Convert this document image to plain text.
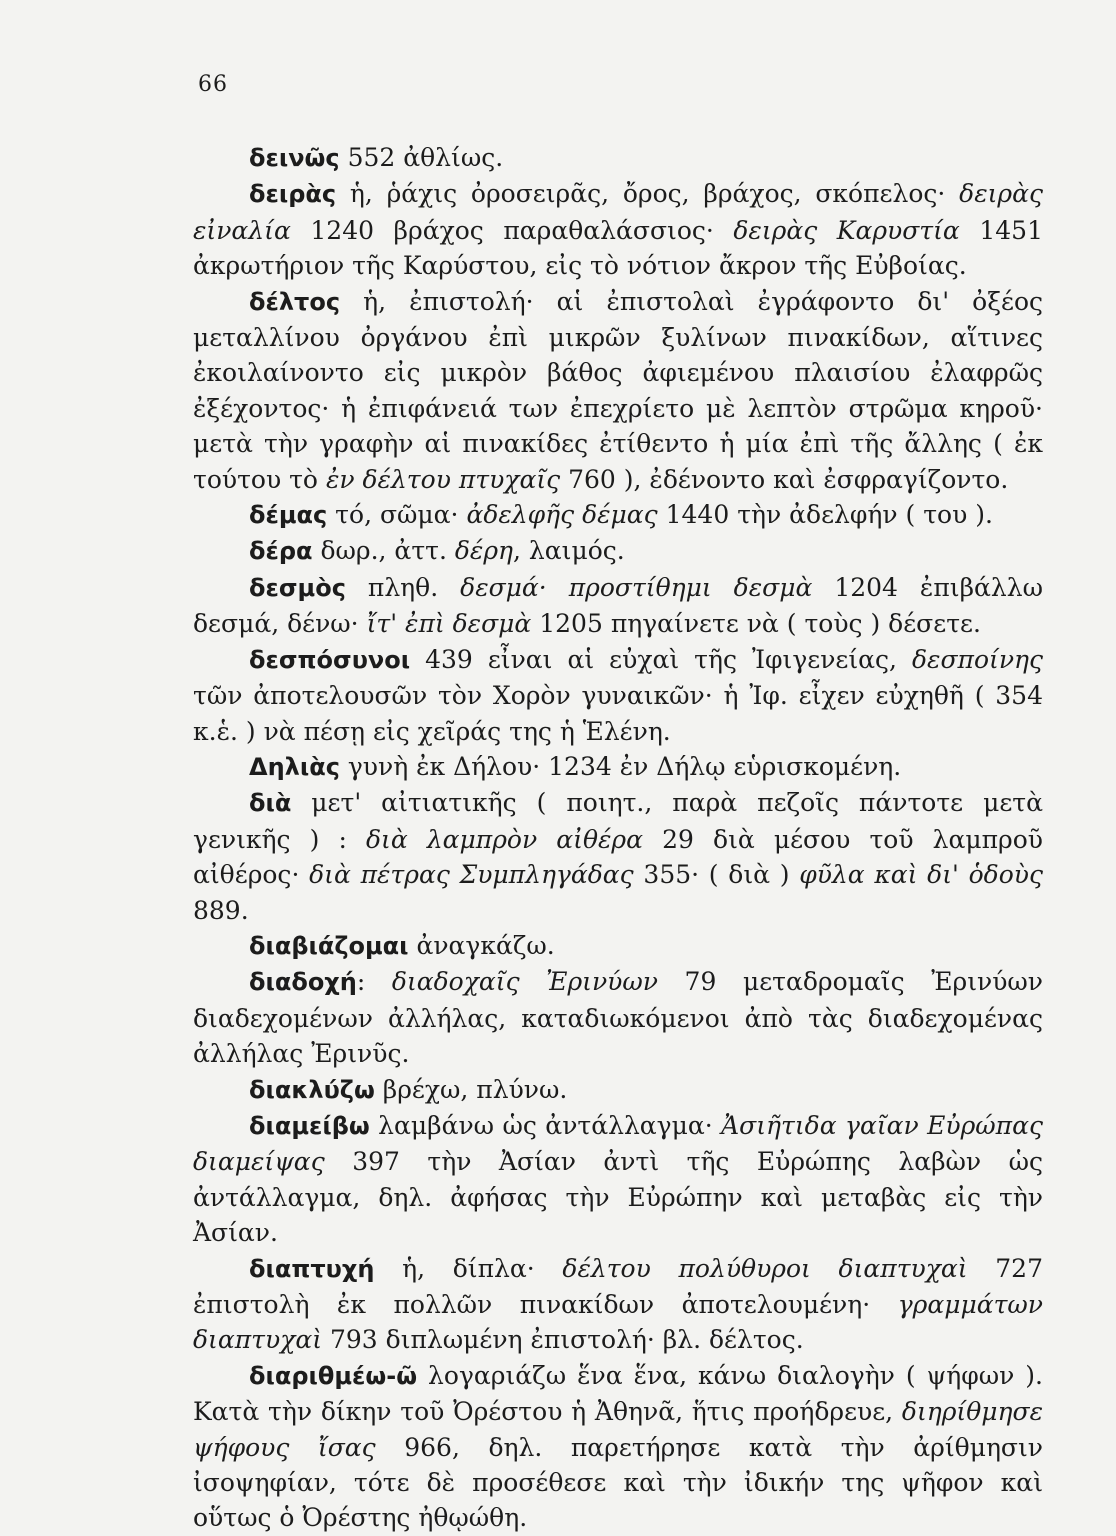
66

δεινῶς 552 ἀθλίως.

δειρὰς ἡ, ῥάχις ὀροσειρᾶς, ὄρος, βράχος, σκόπελος· δειρὰς εἰναλία 1240 βράχος παραθαλάσσιος· δειρὰς Καρυστία 1451 ἀκρωτήριον τῆς Καρύστου, εἰς τὸ νότιον ἄκρον τῆς Εὐβοίας.

δέλτος ἡ, ἐπιστολή· αἱ ἐπιστολαὶ ἐγράφοντο δι' ὀξέος μεταλλίνου ὀργάνου ἐπὶ μικρῶν ξυλίνων πινακίδων, αἵτινες ἐκοιλαίνοντο εἰς μικρὸν βάθος ἀφιεμένου πλαισίου ἐλαφρῶς ἐξέχοντος· ἡ ἐπιφάνειά των ἐπεχρίετο μὲ λεπτὸν στρῶμα κηροῦ· μετὰ τὴν γραφὴν αἱ πινακίδες ἐτίθεντο ἡ μία ἐπὶ τῆς ἄλλης ( ἐκ τούτου τὸ ἐν δέλτου πτυχαῖς 760 ), ἐδένοντο καὶ ἐσφραγίζοντο.

δέμας τό, σῶμα· ἀδελφῆς δέμας 1440 τὴν ἀδελφήν ( του ).

δέρα δωρ., ἀττ. δέρη, λαιμός.

δεσμὸς πληθ. δεσμά· προστίθημι δεσμὰ 1204 ἐπιβάλλω δεσμά, δένω· ἴτ' ἐπὶ δεσμὰ 1205 πηγαίνετε νὰ ( τοὺς ) δέσετε.

δεσπόσυνοι 439 εἶναι αἱ εὐχαὶ τῆς Ἰφιγενείας, δεσποίνης τῶν ἀποτελουσῶν τὸν Χορὸν γυναικῶν· ἡ Ἰφ. εἶχεν εὐχηθῆ ( 354 κ.ἑ. ) νὰ πέσῃ εἰς χεῖράς της ἡ Ἑλένη.

Δηλιὰς γυνὴ ἐκ Δήλου· 1234 ἐν Δήλῳ εὑρισκομένη.

διὰ μετ' αἰτιατικῆς ( ποιητ., παρὰ πεζοῖς πάντοτε μετὰ γενικῆς ) : διὰ λαμπρὸν αἰθέρα 29 διὰ μέσου τοῦ λαμπροῦ αἰθέρος· διὰ πέτρας Συμπληγάδας 355· ( διὰ ) φῦλα καὶ δι' ὁδοὺς 889.

διαβιάζομαι ἀναγκάζω.

διαδοχή: διαδοχαῖς Ἐρινύων 79 μεταδρομαῖς Ἐρινύων διαδεχομένων ἀλλήλας, καταδιωκόμενοι ἀπὸ τὰς διαδεχομένας ἀλλήλας Ἐρινῦς.

διακλύζω βρέχω, πλύνω.

διαμείβω λαμβάνω ὡς ἀντάλλαγμα· Ἀσιῆτιδα γαῖαν Εὐρώπας διαμείψας 397 τὴν Ἀσίαν ἀντὶ τῆς Εὐρώπης λαβὼν ὡς ἀντάλλαγμα, δηλ. ἀφήσας τὴν Εὐρώπην καὶ μεταβὰς εἰς τὴν Ἀσίαν.

διαπτυχή ἡ, δίπλα· δέλτου πολύθυροι διαπτυχαὶ 727 ἐπιστολὴ ἐκ πολλῶν πινακίδων ἀποτελουμένη· γραμμάτων διαπτυχαὶ 793 διπλωμένη ἐπιστολή· βλ. δέλτος.

διαριθμέω-ῶ λογαριάζω ἕνα ἕνα, κάνω διαλογὴν ( ψήφων ). Κατὰ τὴν δίκην τοῦ Ὀρέστου ἡ Ἀθηνᾶ, ἥτις προήδρευε, διηρίθμησε ψήφους ἴσας 966, δηλ. παρετήρησε κατὰ τὴν ἀρίθμησιν ἰσοψηφίαν, τότε δὲ προσέθεσε καὶ τὴν ἰδικήν της ψῆφον καὶ οὕτως ὁ Ὀρέστης ἠθῳώθη.
